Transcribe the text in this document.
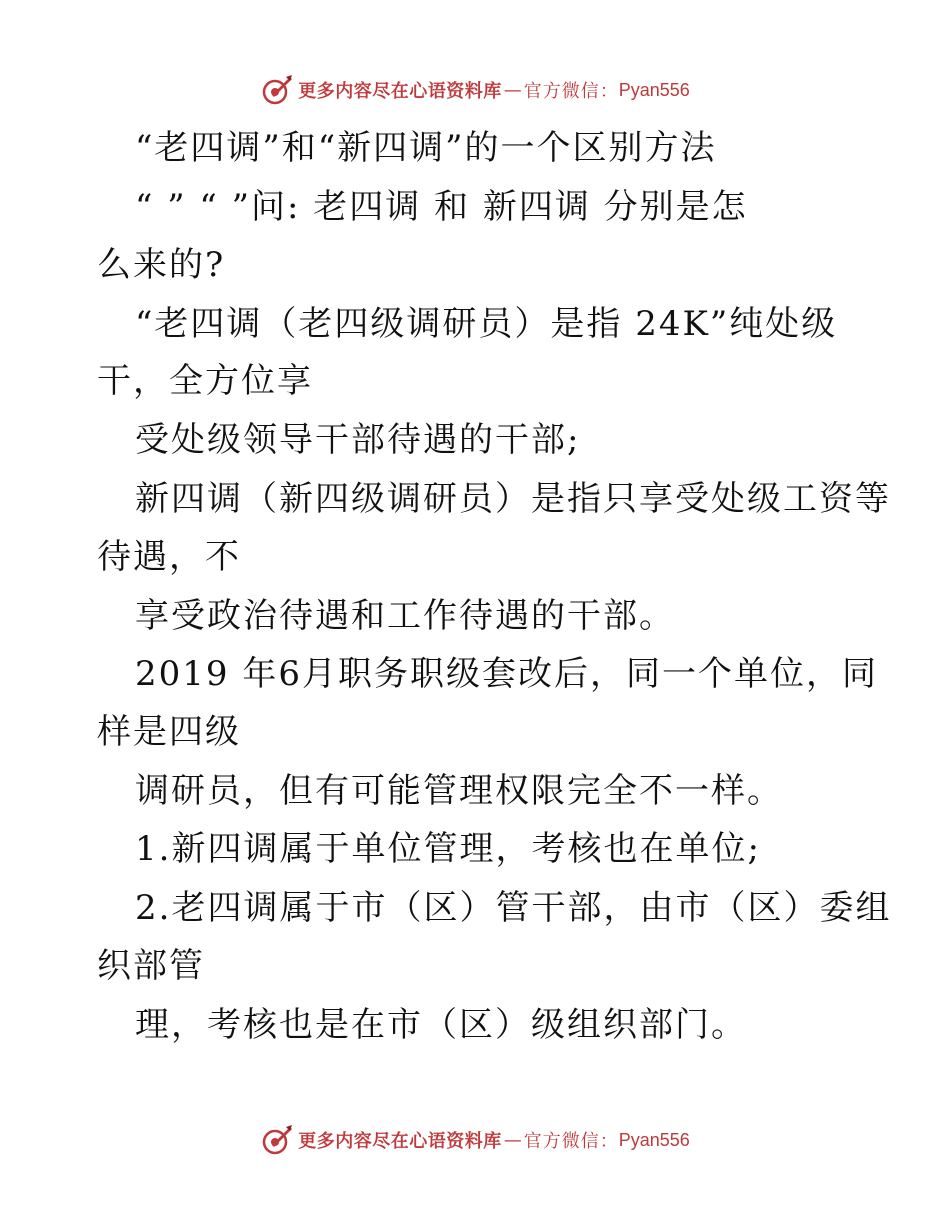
更多内容尽在心语资料库 — 官方微信： Pyan556
“老四调”和“新四调”的一个区别方法
“ ” “ ”问: 老四调 和 新四调 分别是怎
么来的?
“老四调（老四级调研员）是指 24K”纯处级
干，全方位享
受处级领导干部待遇的干部;
新四调（新四级调研员）是指只享受处级工资等
待遇，不
享受政治待遇和工作待遇的干部。
2019 年6月职务职级套改后，同一个单位，同
样是四级
调研员，但有可能管理权限完全不一样。
1.新四调属于单位管理，考核也在单位;
2.老四调属于市（区）管干部，由市（区）委组
织部管
理，考核也是在市（区）级组织部门。
更多内容尽在心语资料库 — 官方微信： Pyan556
